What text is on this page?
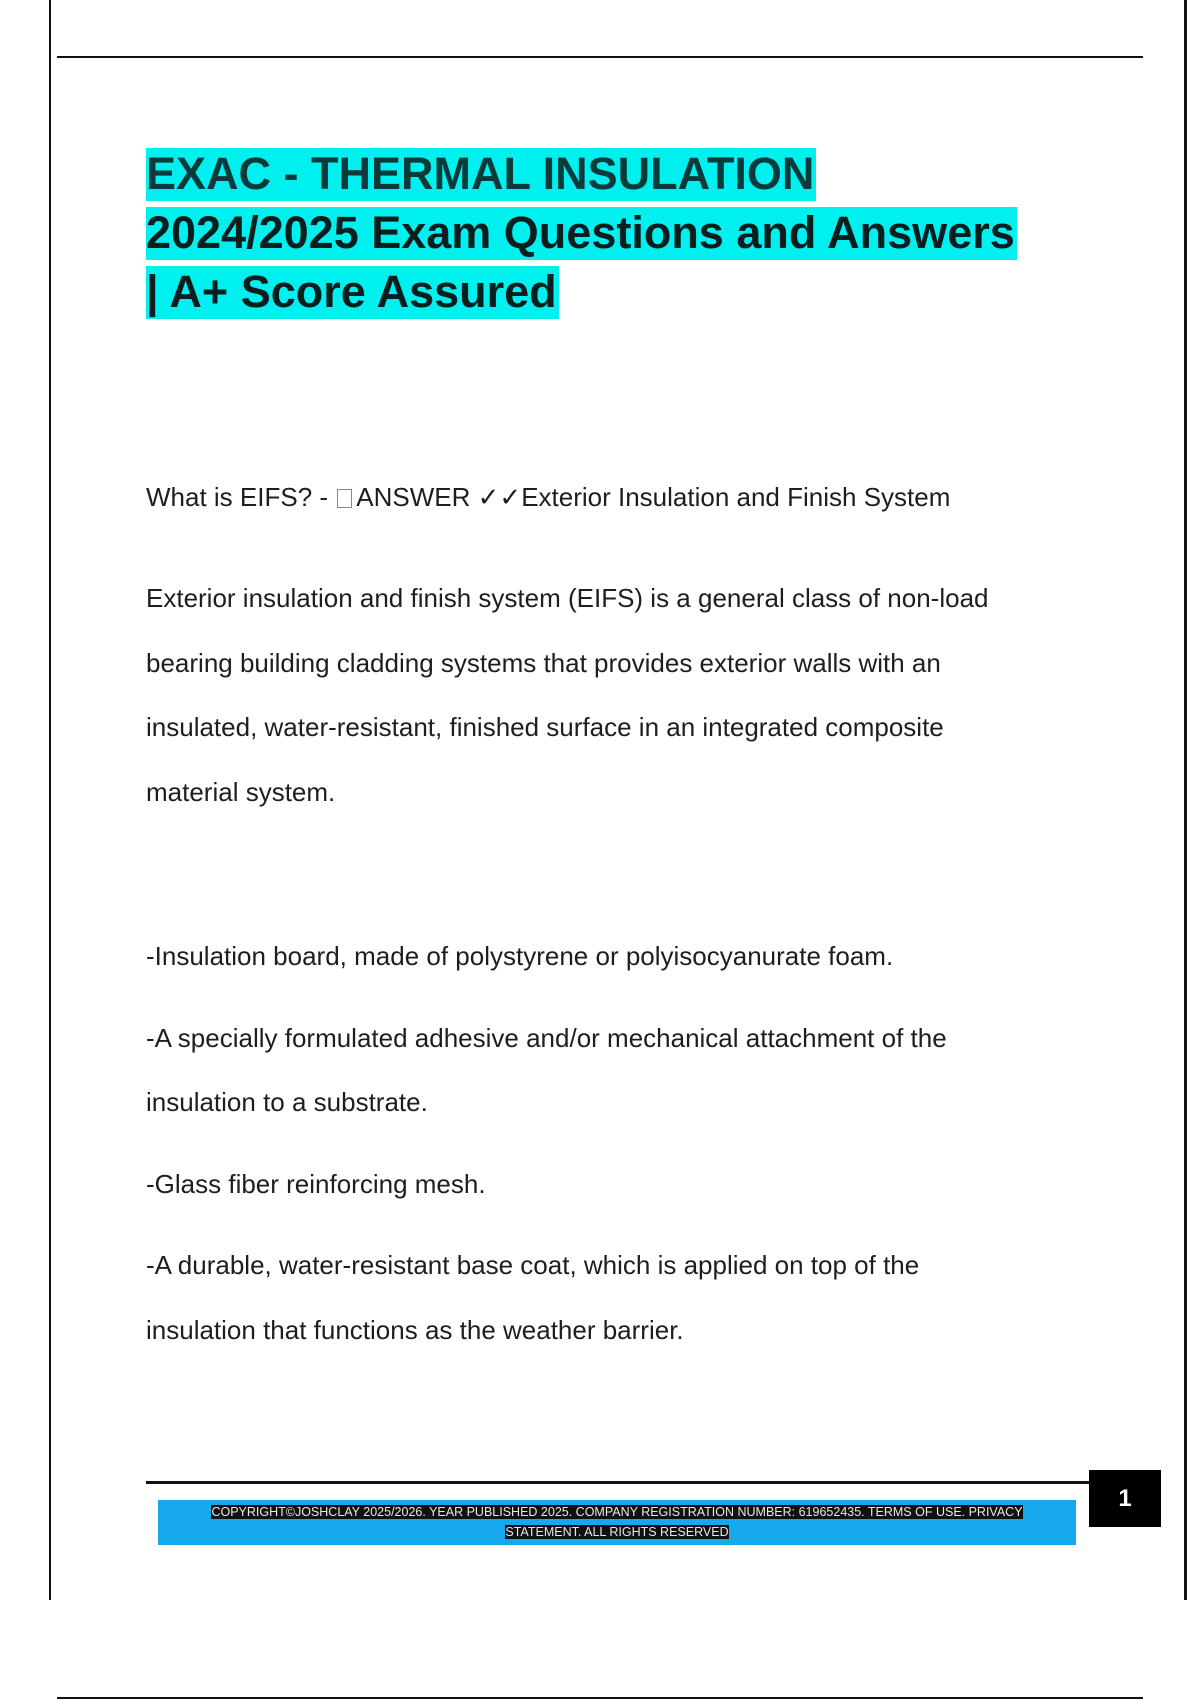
EXAC - THERMAL INSULATION

2024/2025 Exam Questions and Answers

| A+ Score Assured

What is EIFS? - ANSWER ✓✓Exterior Insulation and Finish System

Exterior insulation and finish system (EIFS) is a general class of non-load

bearing building cladding systems that provides exterior walls with an

insulated, water-resistant, finished surface in an integrated composite

material system.

-Insulation board, made of polystyrene or polyisocyanurate foam.

-A specially formulated adhesive and/or mechanical attachment of the
insulation to a substrate.

-Glass fiber reinforcing mesh.

-A durable, water-resistant base coat, which is applied on top of the
insulation that functions as the weather barrier.

1
COPYRIGHT©JOSHCLAY 2025/2026. YEAR PUBLISHED 2025. COMPANY REGISTRATION NUMBER: 619652435. TERMS OF USE. PRIVACY
STATEMENT. ALL RIGHTS RESERVED
